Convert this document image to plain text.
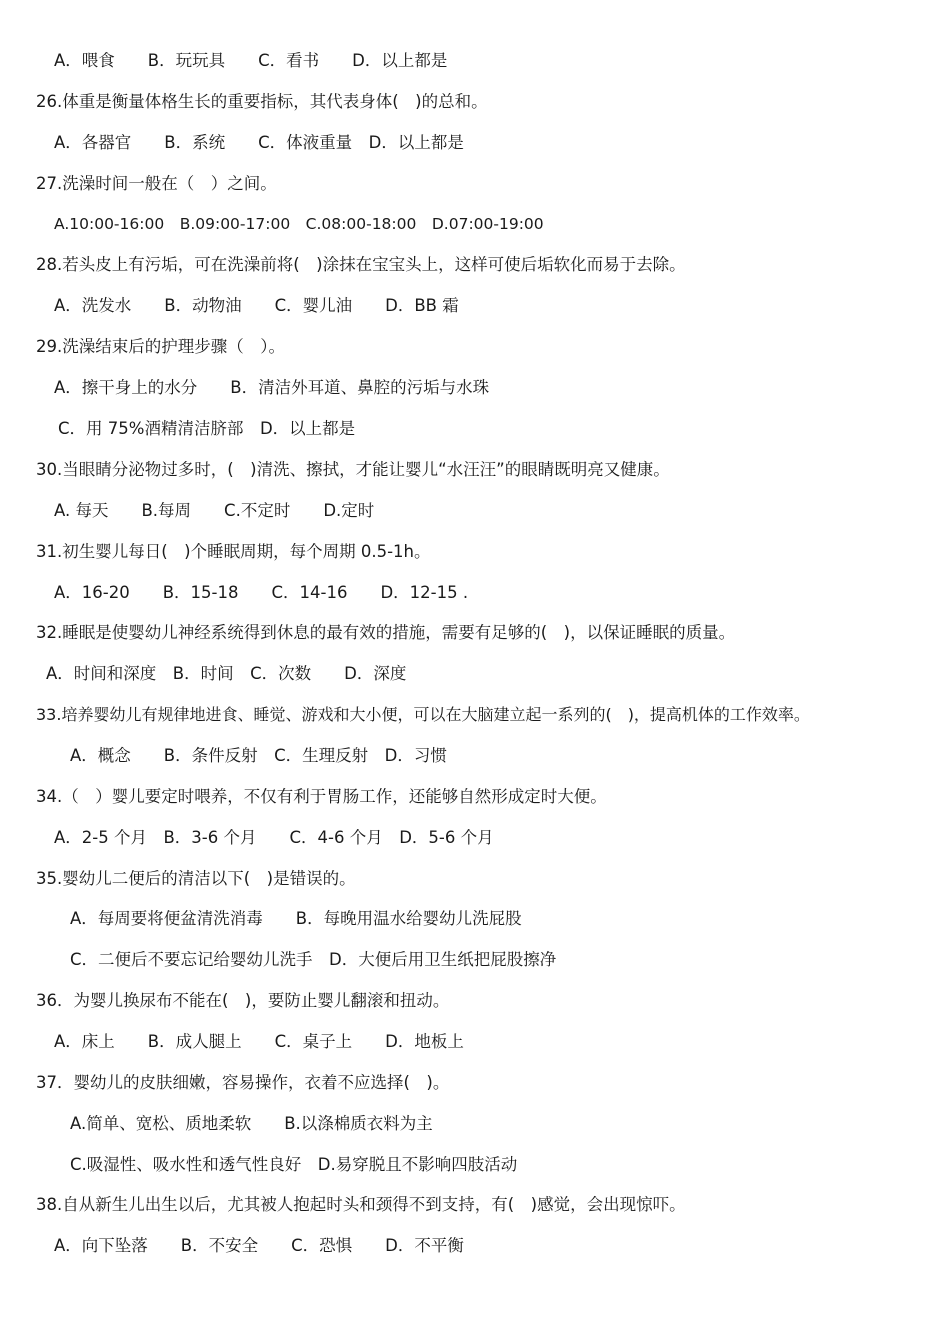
A．喂食　　B．玩玩具　　C．看书　　D．以上都是
26.体重是衡量体格生长的重要指标，其代表身体(　)的总和。
A．各器官　　B．系统　　C．体液重量　D．以上都是
27.洗澡时间一般在（　）之间。
A.10:00-16:00　B.09:00-17:00　C.08:00-18:00　D.07:00-19:00
28.若头皮上有污垢，可在洗澡前将(　)涂抹在宝宝头上，这样可使后垢软化而易于去除。
A．洗发水　　B．动物油　　C．婴儿油　　D．BB 霜
29.洗澡结束后的护理步骤（　）。
A．擦干身上的水分　　B．清洁外耳道、鼻腔的污垢与水珠
C．用 75%酒精清洁脐部　D．以上都是
30.当眼睛分泌物过多时，(　)清洗、擦拭，才能让婴儿“水汪汪”的眼睛既明亮又健康。
A. 每天　　B.每周　　C.不定时　　D.定时
31.初生婴儿每日(　)个睡眠周期，每个周期 0.5-1h。
A．16-20　　B．15-18　　C．14-16　　D．12-15 .
32.睡眠是使婴幼儿神经系统得到休息的最有效的措施，需要有足够的(　)，以保证睡眠的质量。
A．时间和深度　B．时间　C．次数　　D．深度
33.培养婴幼儿有规律地进食、睡觉、游戏和大小便，可以在大脑建立起一系列的(　)，提高机体的工作效率。
A．概念　　B．条件反射　C．生理反射　D．习惯
34.（　）婴儿要定时喂养，不仅有利于胃肠工作，还能够自然形成定时大便。
A．2-5 个月　B．3-6 个月　　C．4-6 个月　D．5-6 个月
35.婴幼儿二便后的清洁以下(　)是错误的。
A．每周要将便盆清洗消毒　　B．每晚用温水给婴幼儿洗屁股
C．二便后不要忘记给婴幼儿洗手　D．大便后用卫生纸把屁股擦净
36．为婴儿换尿布不能在(　)，要防止婴儿翻滚和扭动。
A．床上　　B．成人腿上　　C．桌子上　　D．地板上
37．婴幼儿的皮肤细嫩，容易操作，衣着不应选择(　)。
A.简单、宽松、质地柔软　　B.以涤棉质衣料为主
C.吸湿性、吸水性和透气性良好　D.易穿脱且不影响四肢活动
38.自从新生儿出生以后，尤其被人抱起时头和颈得不到支持，有(　)感觉，会出现惊吓。
A．向下坠落　　B．不安全　　C．恐惧　　D．不平衡
